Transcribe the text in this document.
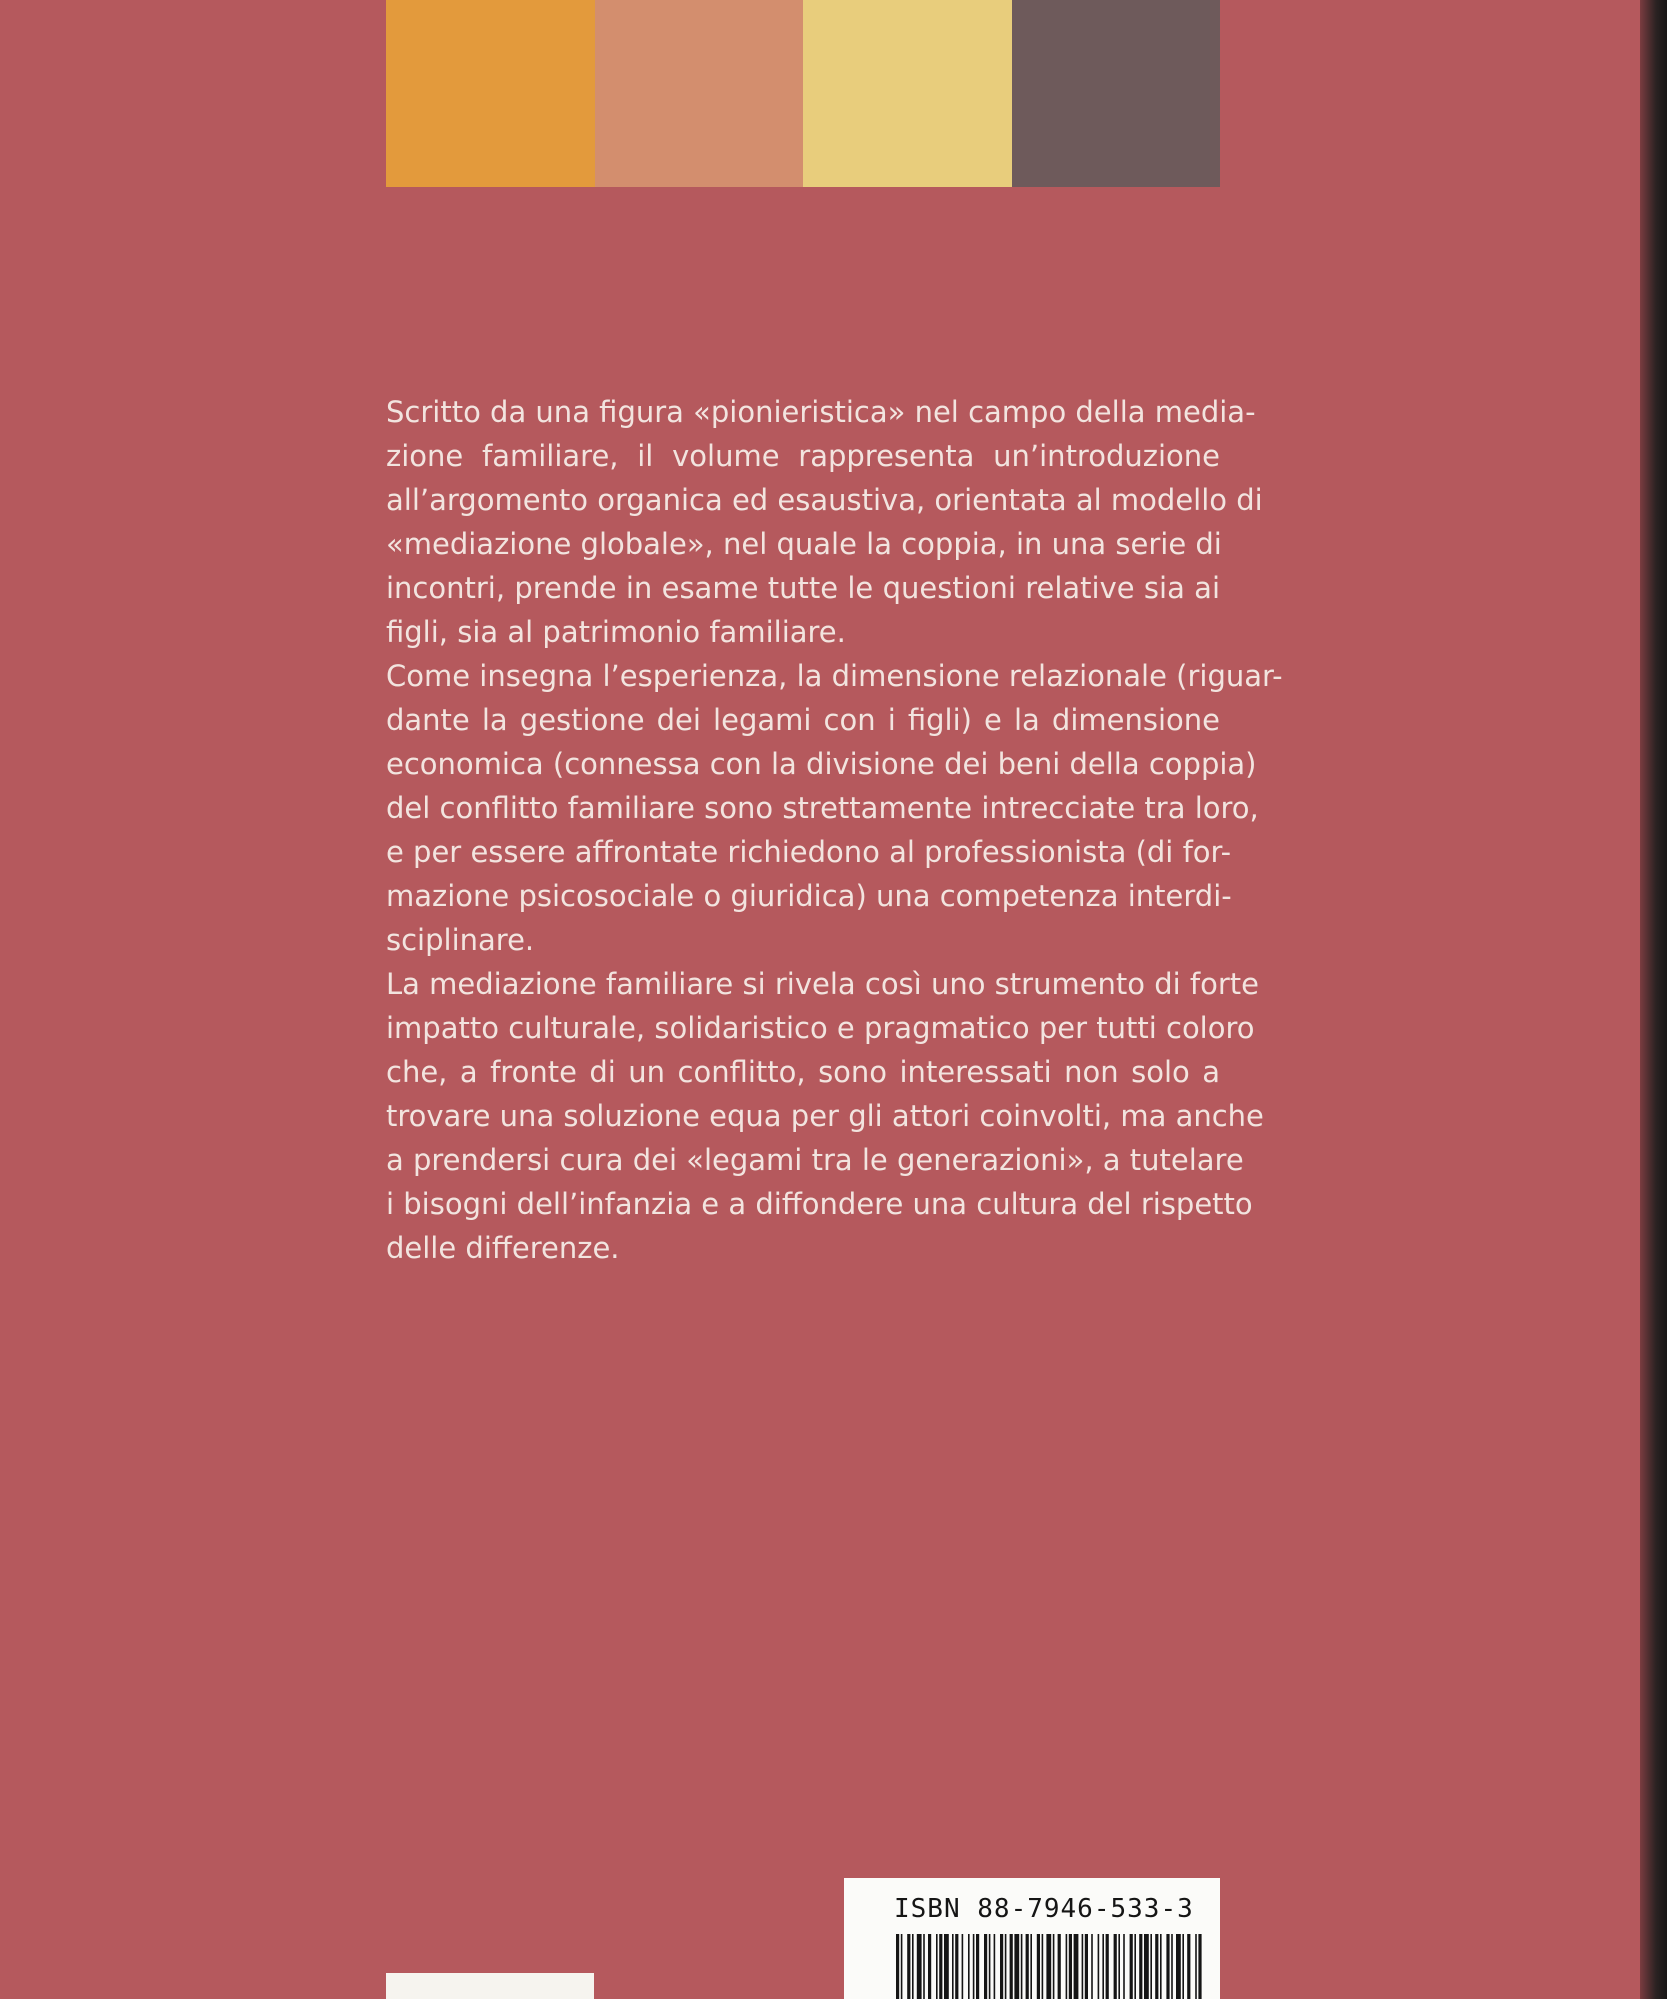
Scritto da una figura «pionieristica» nel campo della media-
zione familiare, il volume rappresenta un’introduzione
all’argomento organica ed esaustiva, orientata al modello di
«mediazione globale», nel quale la coppia, in una serie di
incontri, prende in esame tutte le questioni relative sia ai
figli, sia al patrimonio familiare.
Come insegna l’esperienza, la dimensione relazionale (riguar-
dante la gestione dei legami con i figli) e la dimensione
economica (connessa con la divisione dei beni della coppia)
del conflitto familiare sono strettamente intrecciate tra loro,
e per essere affrontate richiedono al professionista (di for-
mazione psicosociale o giuridica) una competenza interdi-
sciplinare.
La mediazione familiare si rivela così uno strumento di forte
impatto culturale, solidaristico e pragmatico per tutti coloro
che, a fronte di un conflitto, sono interessati non solo a
trovare una soluzione equa per gli attori coinvolti, ma anche
a prendersi cura dei «legami tra le generazioni», a tutelare
i bisogni dell’infanzia e a diffondere una cultura del rispetto
delle differenze.
ISBN 88-7946-533-3
